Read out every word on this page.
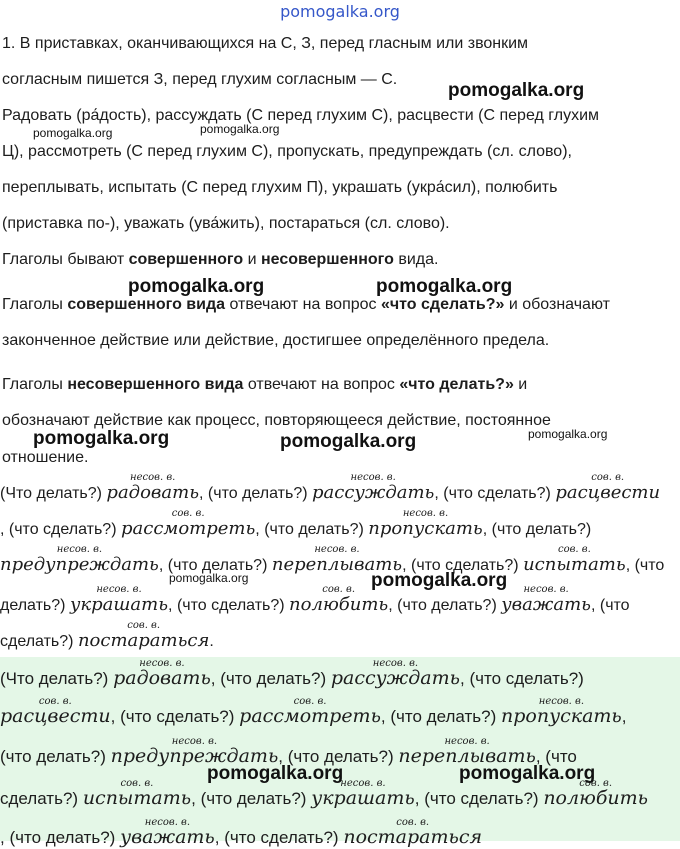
pomogalka.org
1. В приставках, оканчивающихся на С, З, перед гласным или звонким
согласным пишется З, перед глухим согласным — С.
Радовать (ра́дость), рассуждать (С перед глухим С), расцвести (С перед глухим
Ц), рассмотреть (С перед глухим С), пропускать, предупреждать (сл. слово),
переплывать, испытать (С перед глухим П), украшать (укра́сил), полюбить
(приставка по-), уважать (ува́жить), постараться (сл. слово).
Глаголы бывают совершенного и несовершенного вида.
Глаголы совершенного вида отвечают на вопрос «что сделать?» и обозначают
законченное действие или действие, достигшее определённого предела.
Глаголы несовершенного вида отвечают на вопрос «что делать?» и
обозначают действие как процесс, повторяющееся действие, постоянное
отношение.
(Что делать?)
несов. в.
радовать, (что делать?)
несов. в.
рассуждать, (что сделать?)
сов. в.
расцвести
, (что сделать?)
сов. в.
рассмотреть, (что делать?)
несов. в.
пропускать, (что делать?)
несов. в.
предупреждать, (что делать?)
несов. в.
переплывать, (что сделать?)
сов. в.
испытать, (что
делать?)
несов. в.
украшать, (что сделать?)
сов. в.
полюбить, (что делать?)
несов. в.
уважать, (что
сделать?)
сов. в.
постараться.
(Что делать?)
несов. в.
радовать, (что делать?)
несов. в.
рассуждать, (что сделать?)
сов. в.
расцвести, (что сделать?)
сов. в.
рассмотреть, (что делать?)
несов. в.
пропускать,
(что делать?)
несов. в.
предупреждать, (что делать?)
несов. в.
переплывать, (что
сделать?)
сов. в.
испытать, (что делать?)
несов. в.
украшать, (что сделать?)
сов. в.
полюбить
, (что делать?)
несов. в.
уважать, (что сделать?)
сов. в.
постараться
pomogalka.org
pomogalka.org	pomogalka.org
pomogalka.org	pomogalka.org
pomogalka.org	pomogalka.org	pomogalka.org
pomogalka.org	pomogalka.org
pomogalka.org	pomogalka.org
